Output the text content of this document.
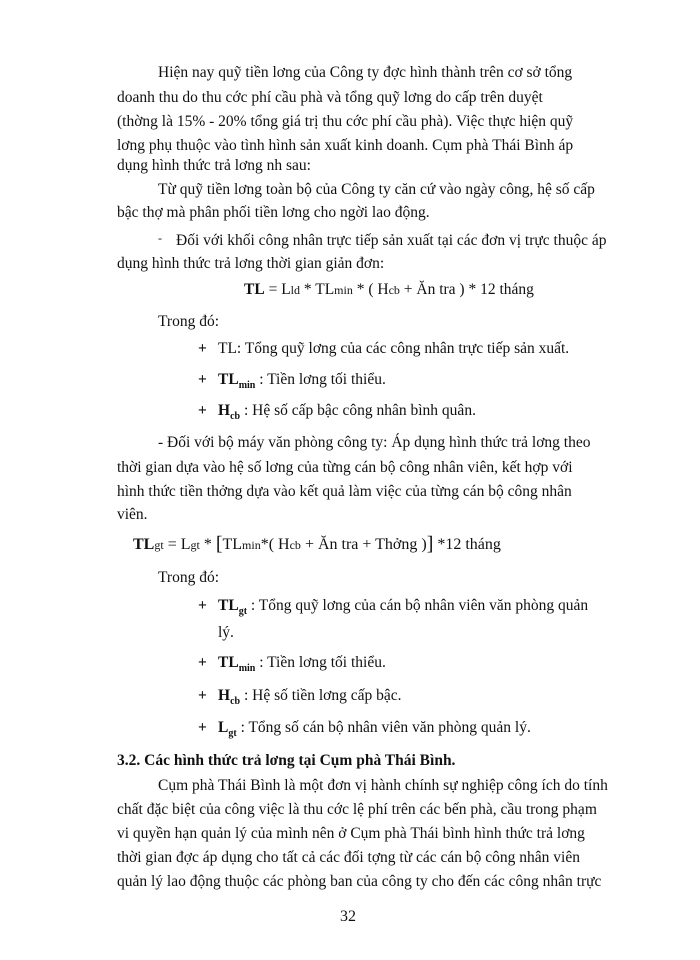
Hiện nay quỹ tiền lơng của Công ty đợc hình thành trên cơ sở tổng
doanh thu do thu cớc phí cầu phà và tổng quỹ lơng do cấp trên duyệt
(thờng là 15% - 20% tổng giá trị thu cớc phí cầu phà). Việc thực hiện quỹ
lơng phụ thuộc vào tình hình sản xuất kinh doanh. Cụm phà Thái Bình áp
dụng hình thức trả lơng nh sau:
Từ quỹ tiền lơng toàn bộ của Công ty căn cứ vào ngày công, hệ số cấp
bậc thợ mà phân phối tiền lơng cho ngời lao động.
- Đối với khối công nhân trực tiếp sản xuất tại các đơn vị trực thuộc áp
dụng hình thức trả lơng thời gian giản đơn:
TL = Lld * TLmin * ( Hcb + Ăn tra ) * 12 tháng
Trong đó:
+ TL: Tổng quỹ lơng của các công nhân trực tiếp sản xuất.
+ $TL_{min}$ : Tiền lơng tối thiểu.
+ $H_{cb}$ : Hệ số cấp bậc công nhân bình quân.
- Đối với bộ máy văn phòng công ty: Áp dụng hình thức trả lơng theo
thời gian dựa vào hệ số lơng của từng cán bộ công nhân viên, kết hợp với
hình thức tiền thởng dựa vào kết quả làm việc của từng cán bộ công nhân
viên.
TLgt = Lgt * [TLmin*( Hcb + Ăn tra + Thởng )] *12 tháng
Trong đó:
+ $TL_{gt}$ : Tổng quỹ lơng của cán bộ nhân viên văn phòng quản
lý.
+ $TL_{min}$ : Tiền lơng tối thiểu.
+ $H_{cb}$ : Hệ số tiền lơng cấp bậc.
+ $L_{gt}$ : Tổng số cán bộ nhân viên văn phòng quản lý.
3.2. Các hình thức trả lơng tại Cụm phà Thái Bình.
Cụm phà Thái Bình là một đơn vị hành chính sự nghiệp công ích do tính
chất đặc biệt của công việc là thu cớc lệ phí trên các bến phà, cầu trong phạm
vi quyền hạn quản lý của mình nên ở Cụm phà Thái bình hình thức trả lơng
thời gian đợc áp dụng cho tất cả các đối tợng từ các cán bộ công nhân viên
quản lý lao động thuộc các phòng ban của công ty cho đến các công nhân trực
32
